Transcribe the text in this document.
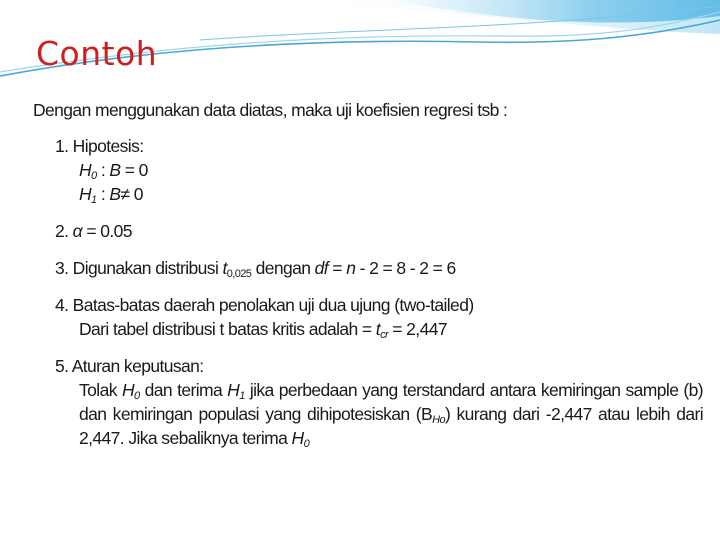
Contoh

Dengan menggunakan data diatas, maka uji koefisien regresi tsb :

1. Hipotesis:
$H_0$ : B = 0
$H_1$ : B≠ 0
2. α = 0.05
3. Digunakan distribusi $t_{0,025}$ dengan df = n - 2 = 8 - 2 = 6
4. Batas-batas daerah penolakan uji dua ujung (two-tailed)
Dari tabel distribusi t batas kritis adalah = $t_{cr} = 2,447$
5. Aturan keputusan:
Tolak $H_0$ dan terima $H_1$ jika perbedaan yang terstandard antara kemiringan sample (b) dan kemiringan populasi yang dihipotesiskan $(B_{Ho})$ kurang dari -2,447 atau lebih dari 2,447. Jika sebaliknya terima $H_0$
